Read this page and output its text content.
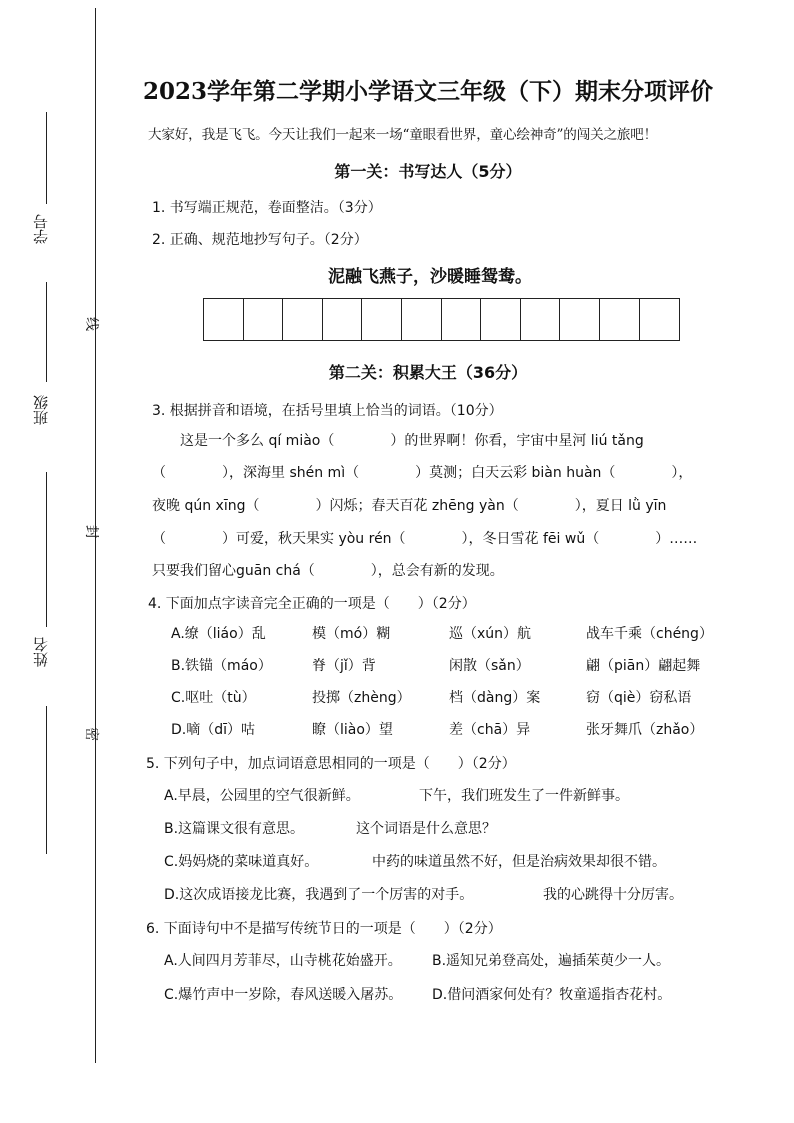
学号
班级
姓名
线
封
密
2023学年第二学期小学语文三年级（下）期末分项评价
大家好，我是飞飞。今天让我们一起来一场“童眼看世界，童心绘神奇”的闯关之旅吧！
第一关：书写达人（5分）
1. 书写端正规范，卷面整洁。（3分）
2. 正确、规范地抄写句子。（2分）
泥融飞燕子，沙暖睡鸳鸯。
第二关：积累大王（36分）
3. 根据拼音和语境，在括号里填上恰当的词语。（10分）
这是一个多么 qí miào（　　　　）的世界啊！你看，宇宙中星河 liú tǎng
（　　　　），深海里 shén mì（　　　　）莫测；白天云彩 biàn huàn（　　　　），
夜晚 qún xīng（　　　　）闪烁；春天百花 zhēng yàn（　　　　），夏日 lǜ yīn
（　　　　）可爱，秋天果实 yòu rén（　　　　），冬日雪花 fēi wǔ（　　　　）……
只要我们留心guān chá（　　　　），总会有新的发现。
4. 下面加点字读音完全正确的一项是（　　）（2分）
A.缭（liáo）乱	模（mó）糊	巡（xún）航	战车千乘（chéng）
B.铁锚（máo）	脊（jǐ）背	闲散（sǎn）	翩（piān）翩起舞
C.呕吐（tù）	投掷（zhèng）	档（dàng）案	窃（qiè）窃私语
D.嘀（dī）咕	瞭（liào）望	差（chā）异	张牙舞爪（zhǎo）
5. 下列句子中，加点词语意思相同的一项是（　　）（2分）
A.早晨，公园里的空气很新鲜。	下午，我们班发生了一件新鲜事。
B.这篇课文很有意思。	这个词语是什么意思？
C.妈妈烧的菜味道真好。	中药的味道虽然不好，但是治病效果却很不错。
D.这次成语接龙比赛，我遇到了一个厉害的对手。	我的心跳得十分厉害。
6. 下面诗句中不是描写传统节日的一项是（　　）（2分）
A.人间四月芳菲尽，山寺桃花始盛开。 B.遥知兄弟登高处，遍插茱萸少一人。
C.爆竹声中一岁除，春风送暖入屠苏。 D.借问酒家何处有？牧童遥指杏花村。
